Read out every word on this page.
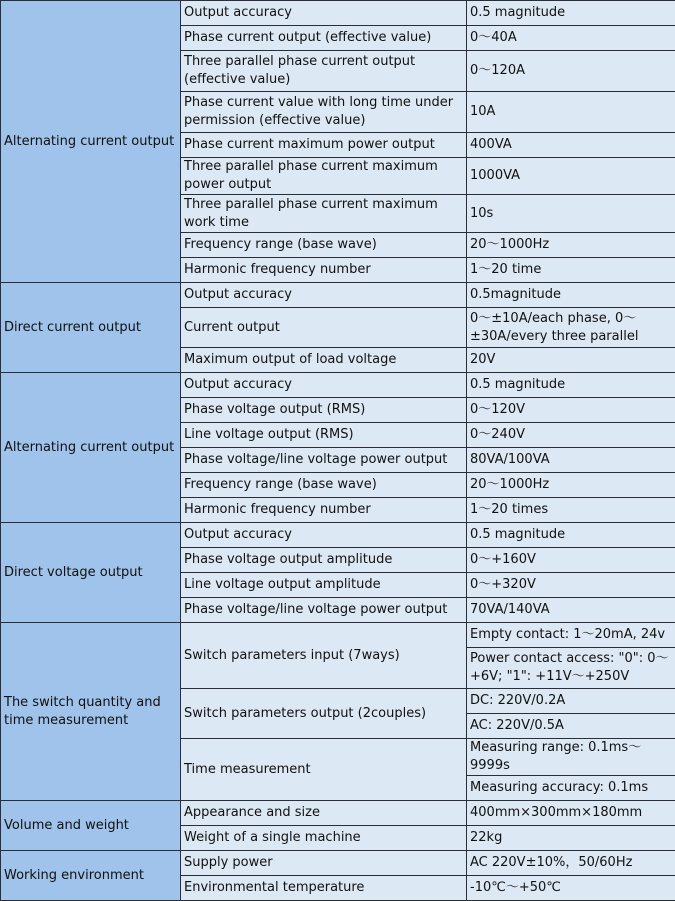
Alternating current output	Output accuracy	0.5 magnitude
	Phase current output (effective value)	0～40A
	Three parallel phase current output (effective value)	0～120A
	Phase current value with long time under permission (effective value)	10A
	Phase current maximum power output	400VA
	Three parallel phase current maximum power output	1000VA
	Three parallel phase current maximum work time	10s
	Frequency range (base wave)	20～1000Hz
	Harmonic frequency number	1～20 time
Direct current output	Output accuracy	0.5magnitude
	Current output	0～±10A/each phase, 0～±30A/every three parallel
	Maximum output of load voltage	20V
Alternating current output	Output accuracy	0.5 magnitude
	Phase voltage output (RMS)	0～120V
	Line voltage output (RMS)	0～240V
	Phase voltage/line voltage power output	80VA/100VA
	Frequency range (base wave)	20～1000Hz
	Harmonic frequency number	1～20 times
Direct voltage output	Output accuracy	0.5 magnitude
	Phase voltage output amplitude	0～+160V
	Line voltage output amplitude	0～+320V
	Phase voltage/line voltage power output	70VA/140VA
The switch quantity and time measurement	Switch parameters input (7ways)	Empty contact: 1～20mA, 24v
		Power contact access: "0": 0～+6V; "1": +11V～+250V
	Switch parameters output (2couples)	DC: 220V/0.2A
		AC: 220V/0.5A
	Time measurement	Measuring range: 0.1ms～9999s
		Measuring accuracy: 0.1ms
Volume and weight	Appearance and size	400mm×300mm×180mm
	Weight of a single machine	22kg
Working environment	Supply power	AC 220V±10%，50/60Hz
	Environmental temperature	-10℃～+50℃
